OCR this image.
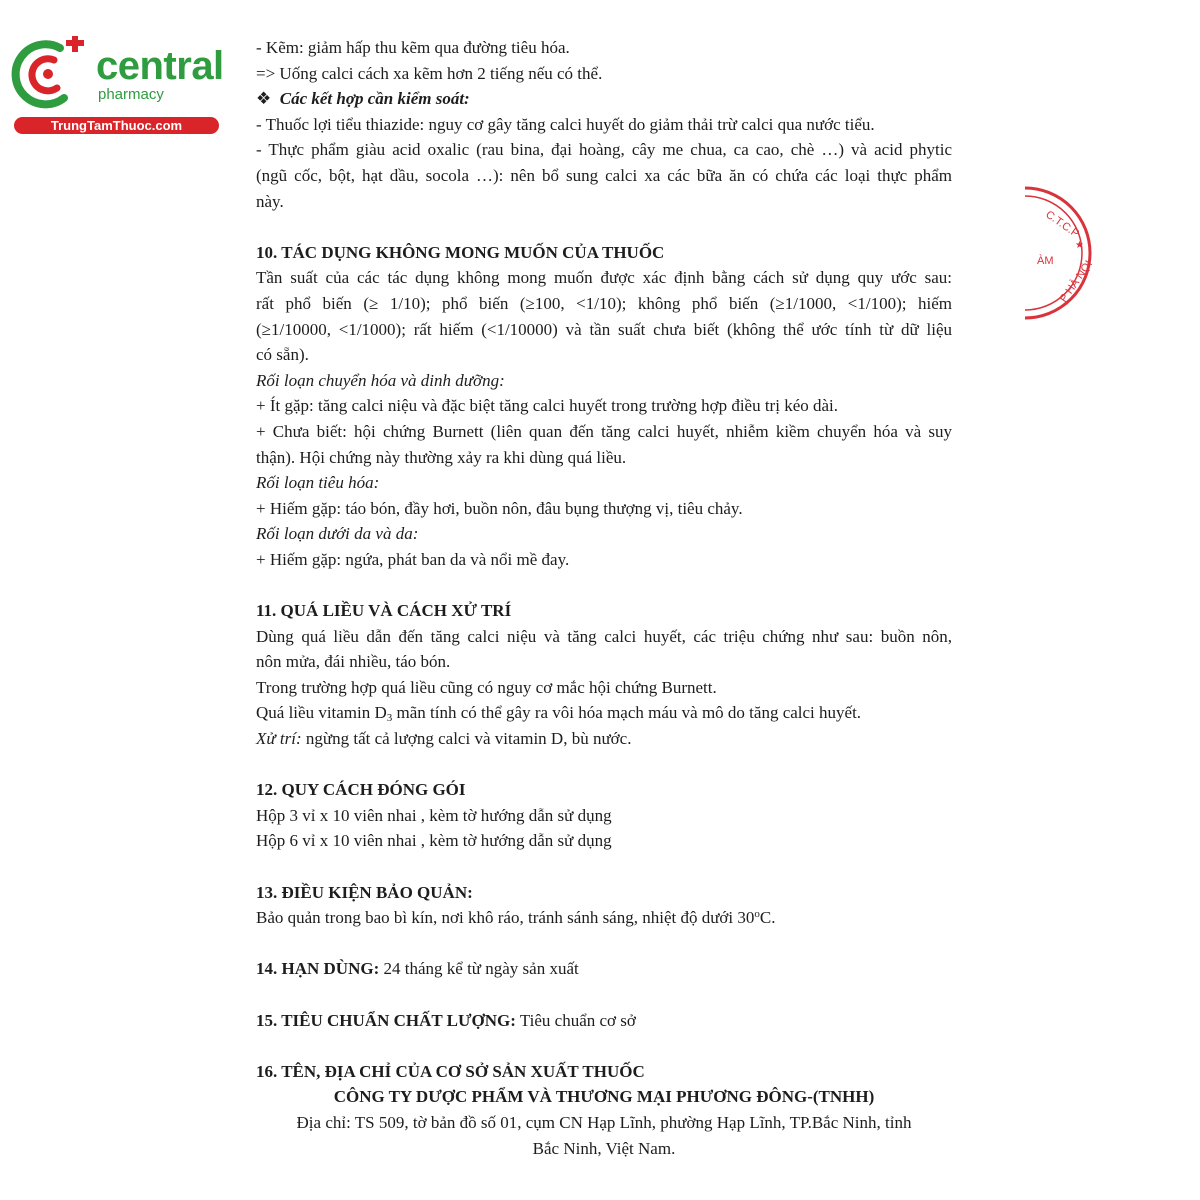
central
pharmacy
TrungTamThuoc.com
C.T.C.P
★
ÀM P HÀ NỘI
- Kẽm: giảm hấp thu kẽm qua đường tiêu hóa.
=> Uống calci cách xa kẽm hơn 2 tiếng nếu có thể.
❖ Các kết hợp cần kiểm soát:
- Thuốc lợi tiểu thiazide: nguy cơ gây tăng calci huyết do giảm thải trừ calci qua nước tiểu.
- Thực phẩm giàu acid oxalic (rau bina, đại hoàng, cây me chua, ca cao, chè …) và acid phytic
(ngũ cốc, bột, hạt dầu, socola …): nên bổ sung calci xa các bữa ăn có chứa các loại thực phẩm
này.
10. TÁC DỤNG KHÔNG MONG MUỐN CỦA THUỐC
Tần suất của các tác dụng không mong muốn được xác định bằng cách sử dụng quy ước sau:
rất phổ biến (≥ 1/10); phổ biến (≥100, <1/10); không phổ biến (≥1/1000, <1/100); hiếm
(≥1/10000, <1/1000); rất hiếm (<1/10000) và tần suất chưa biết (không thể ước tính từ dữ liệu
có sẵn).
Rối loạn chuyển hóa và dinh dưỡng:
+ Ít gặp: tăng calci niệu và đặc biệt tăng calci huyết trong trường hợp điều trị kéo dài.
+ Chưa biết: hội chứng Burnett (liên quan đến tăng calci huyết, nhiễm kiềm chuyển hóa và suy
thận). Hội chứng này thường xảy ra khi dùng quá liều.
Rối loạn tiêu hóa:
+ Hiếm gặp: táo bón, đầy hơi, buồn nôn, đâu bụng thượng vị, tiêu chảy.
Rối loạn dưới da và da:
+ Hiếm gặp: ngứa, phát ban da và nổi mề đay.
11. QUÁ LIỀU VÀ CÁCH XỬ TRÍ
Dùng quá liều dẫn đến tăng calci niệu và tăng calci huyết, các triệu chứng như sau: buồn nôn,
nôn mửa, đái nhiều, táo bón.
Trong trường hợp quá liều cũng có nguy cơ mắc hội chứng Burnett.
Quá liều vitamin $D_3$ mãn tính có thể gây ra vôi hóa mạch máu và mô do tăng calci huyết.
Xử trí: ngừng tất cả lượng calci và vitamin D, bù nước.
12. QUY CÁCH ĐÓNG GÓI
Hộp 3 vỉ x 10 viên nhai , kèm tờ hướng dẫn sử dụng
Hộp 6 vỉ x 10 viên nhai , kèm tờ hướng dẫn sử dụng
13. ĐIỀU KIỆN BẢO QUẢN:
Bảo quản trong bao bì kín, nơi khô ráo, tránh sánh sáng, nhiệt độ dưới 30$^o$C.
14. HẠN DÙNG: 24 tháng kể từ ngày sản xuất
15. TIÊU CHUẨN CHẤT LƯỢNG: Tiêu chuẩn cơ sở
16. TÊN, ĐỊA CHỈ CỦA CƠ SỞ SẢN XUẤT THUỐC
CÔNG TY DƯỢC PHẨM VÀ THƯƠNG MẠI PHƯƠNG ĐÔNG-(TNHH)
Địa chỉ: TS 509, tờ bản đồ số 01, cụm CN Hạp Lĩnh, phường Hạp Lĩnh, TP.Bắc Ninh, tỉnh
Bắc Ninh, Việt Nam.
